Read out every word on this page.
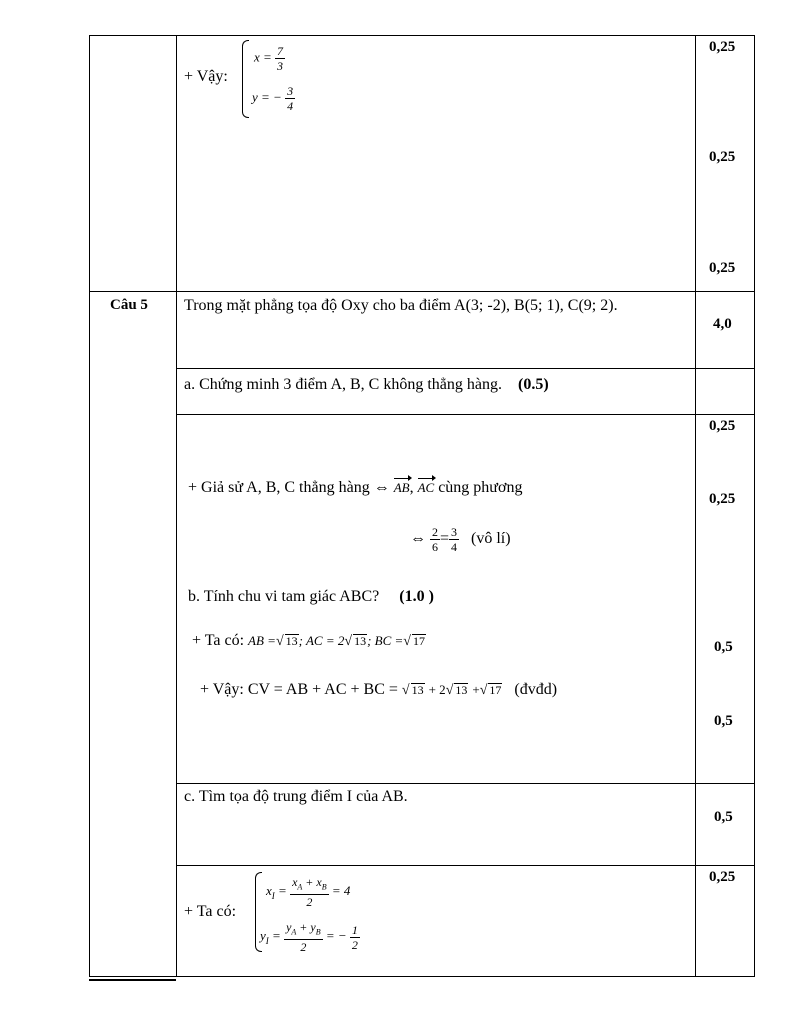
+ Vậy:
$x = \frac{7}{3}$
y = − $\frac{3}{4}$
0,25
0,25
0,25
Câu 5 Trong mặt phẳng tọa độ Oxy cho ba điểm A(3; -2), B(5; 1), C(9; 2).
4,0
a. Chứng minh 3 điểm A, B, C không thẳng hàng. (0.5)
+ Giả sử A, B, C thẳng hàng ⇔ AB, AC cùng phương
⇔ $\frac{2}{6} = \frac{3}{4}$ (vô lí)
0,25
0,25
b. Tính chu vi tam giác ABC? (1.0 )
+ Ta có: AB =√ 13; AC = 2√ 13; BC =√ 17
+ Vậy: CV = AB + AC + BC = √ 13 + 2√ 13 +√ 17 (đvđd)
0,5
0,5
c. Tìm tọa độ trung điểm I của AB.
0,5
+ Ta có:
$x_I = \frac{x_A + x_B}{2} = 4$
$y_I = \frac{y_A + y_B}{2}$ = − $\frac{1}{2}$
0,25
